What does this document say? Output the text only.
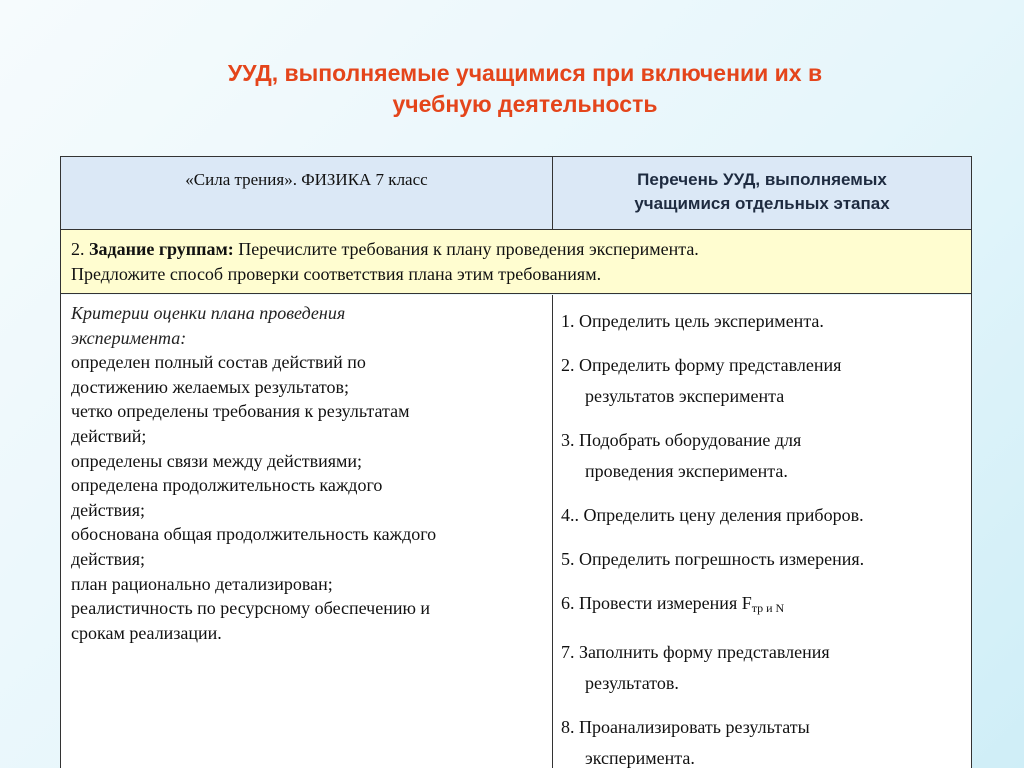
УУД, выполняемые учащимися при включении их в
учебную деятельность
«Сила трения». ФИЗИКА 7 класс	Перечень УУД, выполняемых
учащимися отдельных этапах
2. Задание группам: Перечислите требования к плану проведения эксперимента.
Предложите способ проверки соответствия плана этим требованиям.
Критерии оценки плана проведения
эксперимента:
определен полный состав действий по
достижению желаемых результатов;
четко определены требования к результатам
действий;
определены связи между действиями;
определена продолжительность каждого
действия;
обоснована общая продолжительность каждого
действия;
план рационально детализирован;
реалистичность по ресурсному обеспечению и
срокам реализации.
1. Определить цель эксперимента.
2. Определить форму представления
результатов эксперимента
3. Подобрать оборудование для
проведения эксперимента.
4.. Определить цену деления приборов.
5. Определить погрешность измерения.
6. Провести измерения $F_{тр и N}$
7. Заполнить форму представления
результатов.
8. Проанализировать результаты
эксперимента.
